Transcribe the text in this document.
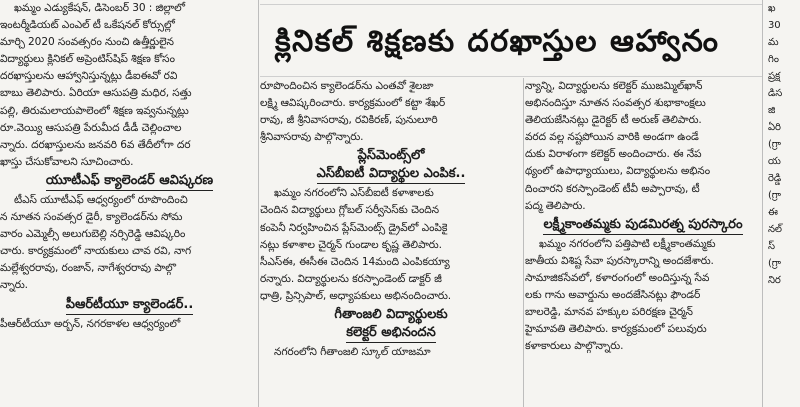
ఖమ్మం ఎడ్యుకేషన్, డిసెంబర్ 30 : జిల్లాలో

ఇంటర్మీడియట్ ఎంఎల్ టీ ఒకేషనల్ కోర్సుల్లో

మార్చి 2020 సంవత్సరం నుంచి ఉత్తీర్ణులైన

విద్యార్థులు క్లినికల్ అప్రెంటిస్‌షిప్ శిక్షణ కోసం

దరఖాస్తులను ఆహ్వానిస్తున్నట్లు డీఐఈవో రవి

బాబు తెలిపారు. ఏరియా ఆసుపత్రి మధిర, సత్తు

పల్లి, తిరుమలాయపాలెంలో శిక్షణ ఇవ్వనున్నట్లు

రూ.వెయ్యి ఆసుపత్రి పేరుమీద డీడీ చెల్లించాల

న్నారు. దరఖాస్తులను జనవరి 6వ తేదీలోగా దర

ఖాస్తు చేసుకోవాలని సూచించారు.

యూటీఎఫ్ క్యాలెండర్ ఆవిష్కరణ

టీఎస్ యూటీఎఫ్ ఆధ్వర్యంలో రూపొందించి

న నూతన సంవత్సర డైరీ, క్యాలెండర్‌ను సోమ

వారం ఎమ్మెల్సీ అలుగుబెల్లి నర్సిరెడ్డి ఆవిష్కరిం

చారు. కార్యక్రమంలో నాయకులు చావ రవి, నాగ

మల్లేశ్వరరావు, రంజాన్, నాగేశ్వరరావు పాల్గొ

న్నారు.

పీఆర్‌టీయూ క్యాలెండర్..

పీఆర్‌టీయూ అర్బన్, నగరకాళల ఆధ్వర్యంలో

క్లినికల్ శిక్షణకు దరఖాస్తుల ఆహ్వానం

రూపొందించిన క్యాలెండర్‌ను ఎంతవో శైలజా

లక్ష్మి ఆవిష్కరించారు. కార్యక్రమంలో కట్టా శేఖర్

రావు, జీ శ్రీనివాసరావు, రవికిరణ్, పునులూరి

శ్రీనివాసరావు పాల్గొన్నారు.

ప్లేస్‌మెంట్స్‌లో
ఎస్‌బీఐటీ విద్యార్థుల ఎంపిక..

ఖమ్మం నగరంలోని ఎస్‌బీఐటీ కళాశాలకు

చెందిన విద్యార్థులు గ్లోబల్ సర్వీసెస్‌కు చెందిన

కంపెనీ నిర్వహించిన ప్లేస్‌మెంట్స్ డ్రైవ్‌లో ఎంపికై

నట్లు కళాశాల చైర్మన్ గుండాల కృష్ణ తెలిపారు.

సీఎస్ఈ, ఈసీఈ చెందిన 14మంది ఎంపికయ్యా

రన్నారు. విద్యార్థులను కరస్పాండెంట్ డాక్టర్ జీ

ధాత్రి, ప్రిన్సిపాల్, అధ్యాపకులు అభినందించారు.

గీతాంజలి విద్యార్థులకు
కలెక్టర్ అభినందన

నగరంలోని గీతాంజలి స్కూల్ యాజమా

న్యాన్ని, విద్యార్థులను కలెక్టర్ ముజమ్మిల్‌ఖాన్

అభినందిస్తూ నూతన సంవత్సర శుభాకాంక్షలు

తెలియజేసినట్లు డైరెక్టర్ టీ అరుణ్ తెలిపారు.

వరద వల్ల నష్టపోయిన వారికి అండగా ఉండే

దుకు విరాళంగా కలెక్టర్ అందించారు. ఈ నేప

థ్యంలో ఉపాధ్యాయులు, విద్యార్థులను అభినం

దించారని కరస్పాండెంట్ టీవీ అప్పారావు, టీ

పద్మ తెలిపారు.

లక్ష్మీకాంతమ్మకు పుడమిరత్న పురస్కారం

ఖమ్మం నగరంలోని పత్తిపాటి లక్ష్మీకాంతమ్మకు

జాతీయ విశిష్ట సేవా పురస్కారాన్ని అందజేశారు.

సామాజికసేవలో, కళారంగంలో అందిస్తున్న సేవ

లకు గాను అవార్డును అందజేసినట్లు ఫౌండర్

బాలరెడ్డి, మానవ హక్కుల పరిరక్షణ చైర్మన్

హైమావతి తెలిపారు. కార్యక్రమంలో పలువురు

కళాకారులు పాల్గొన్నారు.

ఖ

30

మ

గిం

ప్రక్ష

డిస

జి

ఏరి

(గ్రా

య

రెడ్డి

(గ్రా

ఈ

నల్

స్

(గ్రా

నిర
